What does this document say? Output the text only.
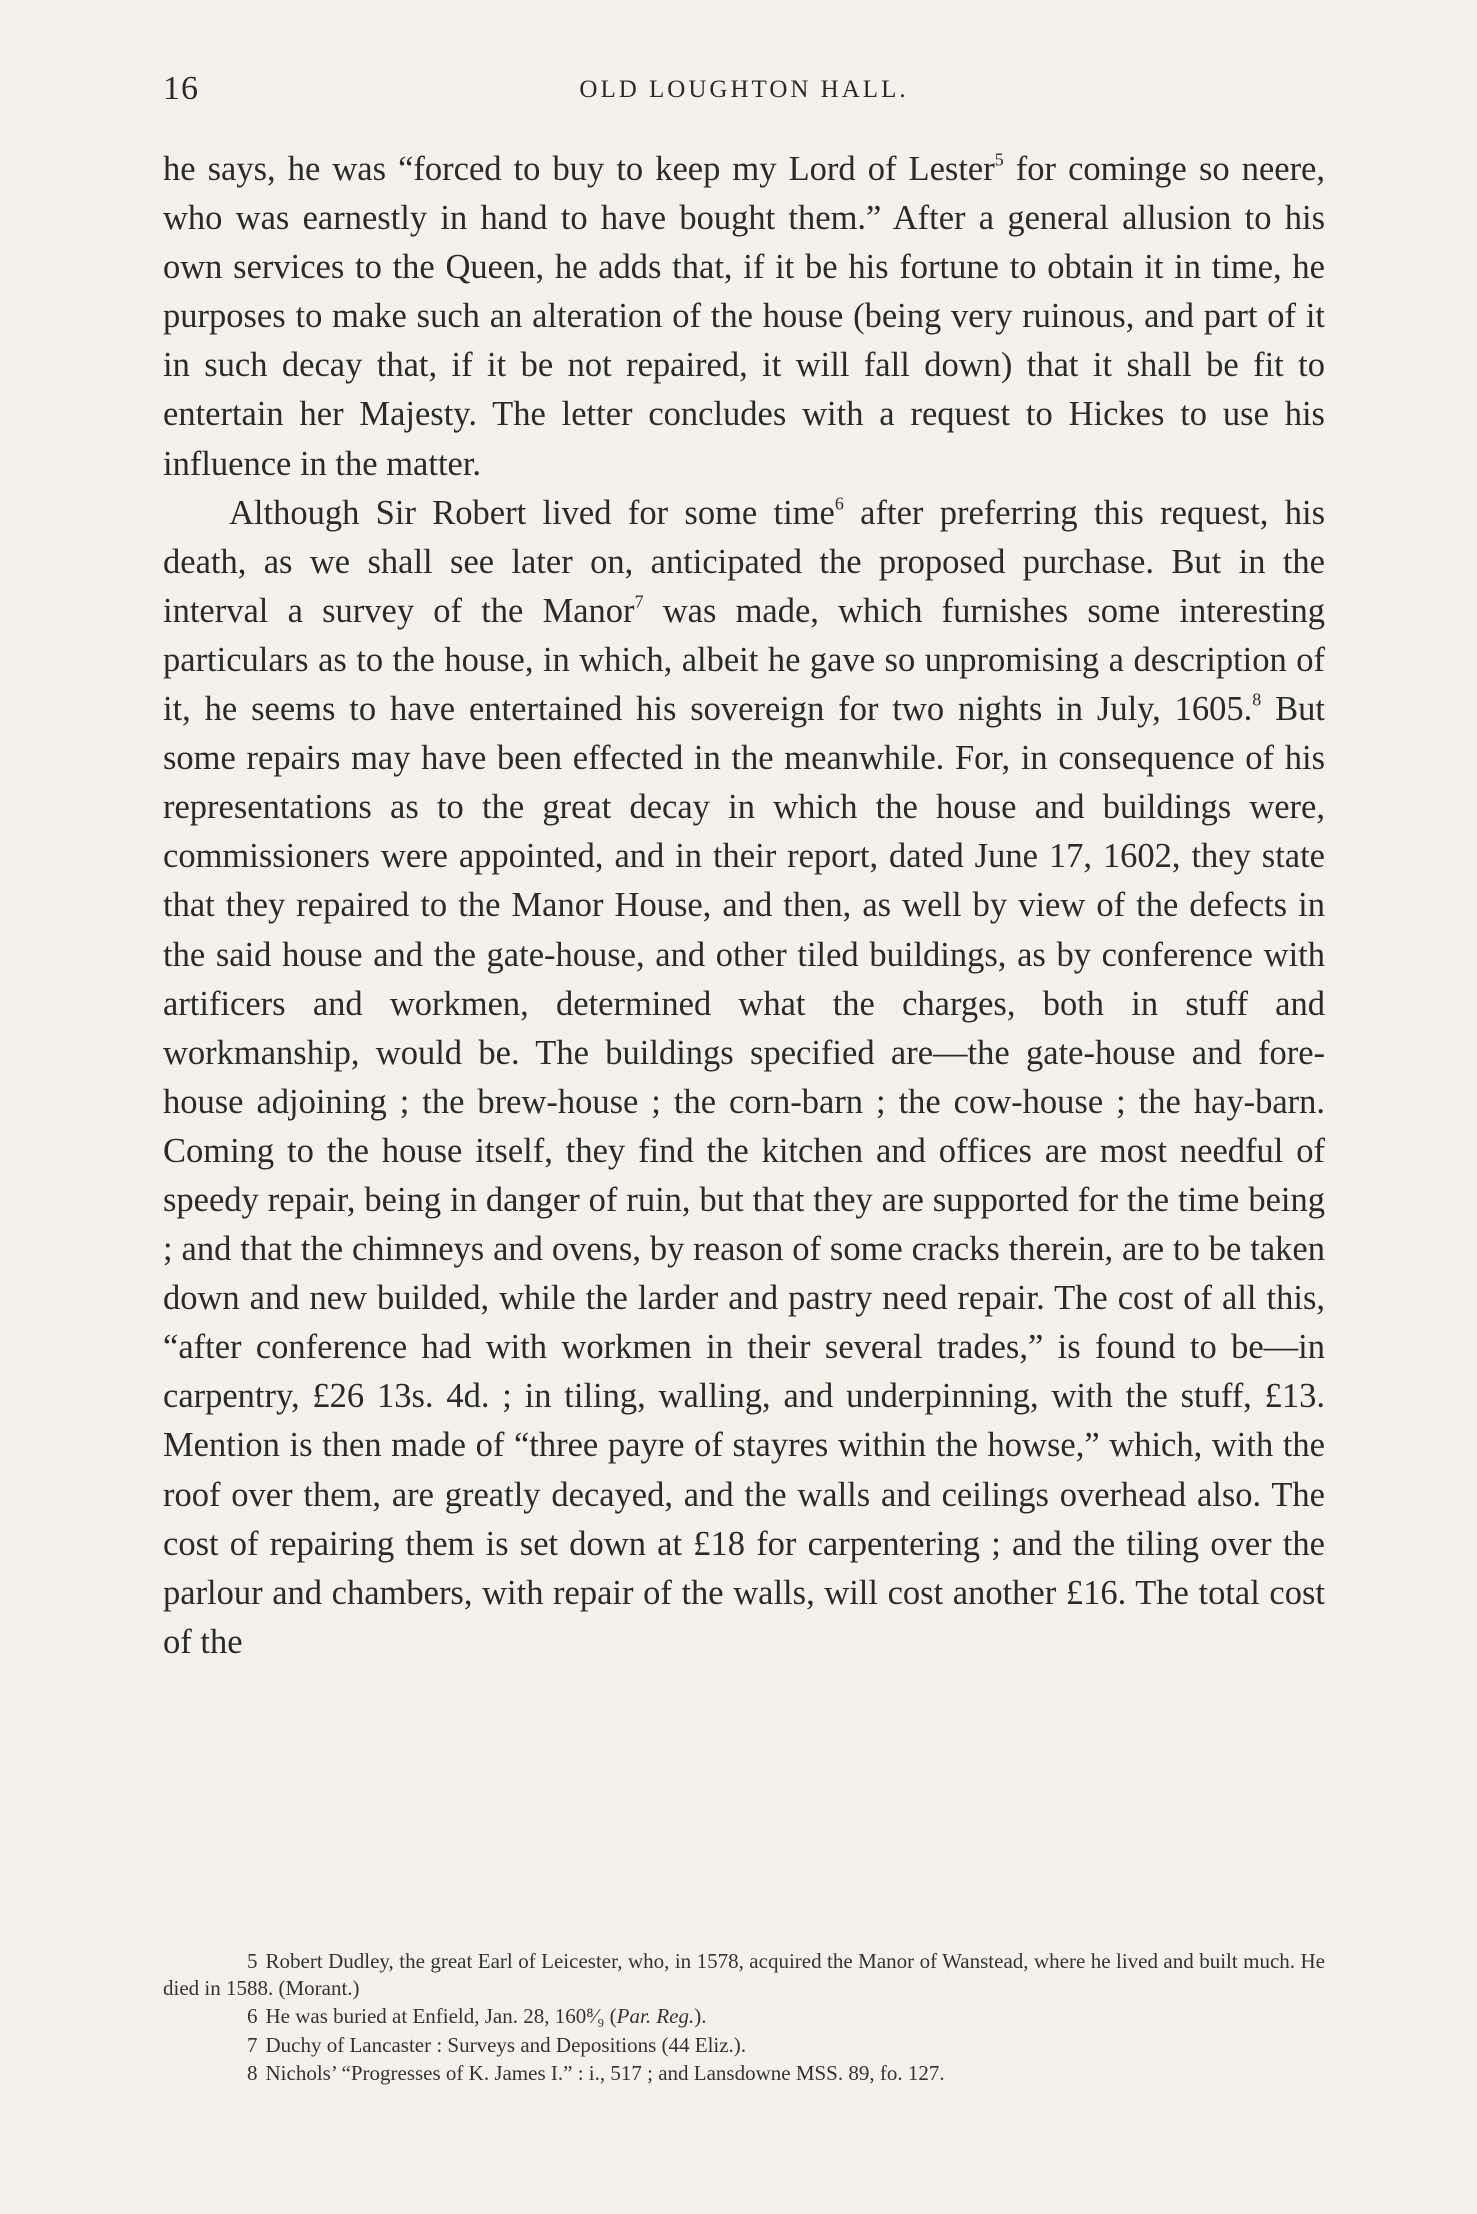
16	OLD LOUGHTON HALL.

he says, he was “forced to buy to keep my Lord of Lester$^5$ for cominge so neere, who was earnestly in hand to have bought them.” After a general allusion to his own services to the Queen, he adds that, if it be his fortune to obtain it in time, he purposes to make such an alteration of the house (being very ruinous, and part of it in such decay that, if it be not repaired, it will fall down) that it shall be fit to entertain her Majesty. The letter concludes with a request to Hickes to use his influence in the matter.

Although Sir Robert lived for some time$^6$ after preferring this request, his death, as we shall see later on, anticipated the proposed purchase. But in the interval a survey of the Manor$^7$ was made, which furnishes some interesting particulars as to the house, in which, albeit he gave so unpromising a description of it, he seems to have entertained his sovereign for two nights in July, 1605.$^8$ But some repairs may have been effected in the meanwhile. For, in consequence of his representations as to the great decay in which the house and buildings were, commissioners were appointed, and in their report, dated June 17, 1602, they state that they repaired to the Manor House, and then, as well by view of the defects in the said house and the gate-house, and other tiled buildings, as by conference with artificers and workmen, determined what the charges, both in stuff and workmanship, would be. The buildings specified are—the gate-house and fore-house adjoining ; the brew-house ; the corn-barn ; the cow-house ; the hay-barn. Coming to the house itself, they find the kitchen and offices are most needful of speedy repair, being in danger of ruin, but that they are supported for the time being ; and that the chimneys and ovens, by reason of some cracks therein, are to be taken down and new builded, while the larder and pastry need repair. The cost of all this, “after conference had with workmen in their several trades,” is found to be—in carpentry, £26 13s. 4d. ; in tiling, walling, and underpinning, with the stuff, £13. Mention is then made of “three payre of stayres within the howse,” which, with the roof over them, are greatly decayed, and the walls and ceilings overhead also. The cost of repairing them is set down at £18 for carpentering ; and the tiling over the parlour and chambers, with repair of the walls, will cost another £16. The total cost of the

5 Robert Dudley, the great Earl of Leicester, who, in 1578, acquired the Manor of Wanstead, where he lived and built much. He died in 1588. (Morant.)

6 He was buried at Enfield, Jan. 28, 160⁸⁄₉ (Par. Reg.).

7 Duchy of Lancaster : Surveys and Depositions (44 Eliz.).

8 Nichols’ “Progresses of K. James I.” : i., 517 ; and Lansdowne MSS. 89, fo. 127.
